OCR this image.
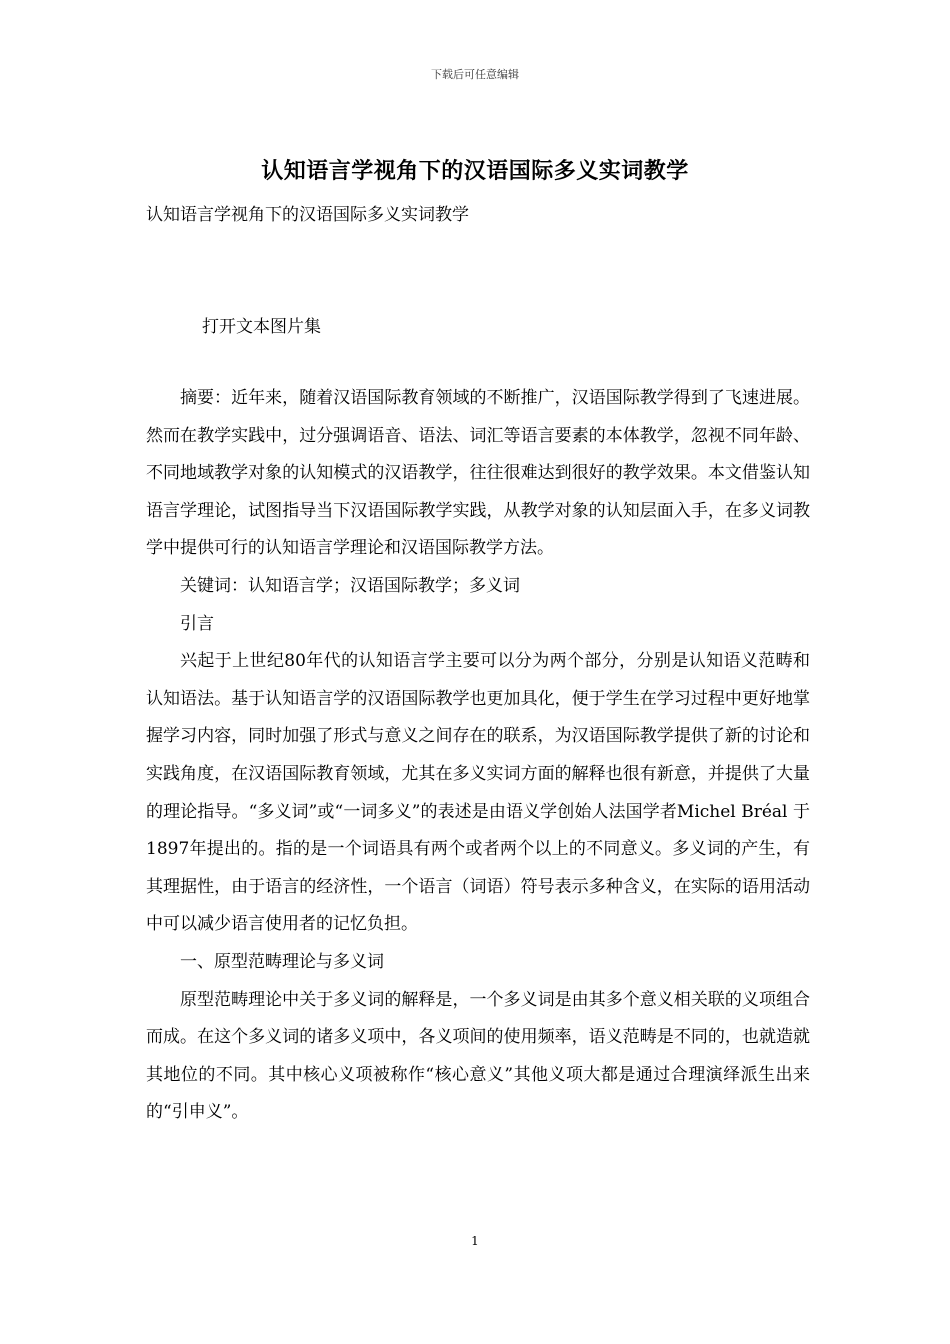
下载后可任意编辑
认知语言学视角下的汉语国际多义实词教学
认知语言学视角下的汉语国际多义实词教学
打开文本图片集

摘要：近年来，随着汉语国际教育领域的不断推广，汉语国际教学得到了飞速进展。然而在教学实践中，过分强调语音、语法、词汇等语言要素的本体教学，忽视不同年龄、不同地域教学对象的认知模式的汉语教学，往往很难达到很好的教学效果。本文借鉴认知语言学理论，试图指导当下汉语国际教学实践，从教学对象的认知层面入手，在多义词教学中提供可行的认知语言学理论和汉语国际教学方法。

关键词：认知语言学；汉语国际教学；多义词

引言

兴起于上世纪80年代的认知语言学主要可以分为两个部分，分别是认知语义范畴和认知语法。基于认知语言学的汉语国际教学也更加具化，便于学生在学习过程中更好地掌握学习内容，同时加强了形式与意义之间存在的联系，为汉语国际教学提供了新的讨论和实践角度，在汉语国际教育领域，尤其在多义实词方面的解释也很有新意，并提供了大量的理论指导。“多义词”或“一词多义”的表述是由语义学创始人法国学者Michel Bréal 于1897年提出的。指的是一个词语具有两个或者两个以上的不同意义。多义词的产生，有其理据性，由于语言的经济性，一个语言（词语）符号表示多种含义，在实际的语用活动中可以减少语言使用者的记忆负担。

一、原型范畴理论与多义词

原型范畴理论中关于多义词的解释是，一个多义词是由其多个意义相关联的义项组合而成。在这个多义词的诸多义项中，各义项间的使用频率，语义范畴是不同的，也就造就其地位的不同。其中核心义项被称作“核心意义”其他义项大都是通过合理演绎派生出来的“引申义”。

1
